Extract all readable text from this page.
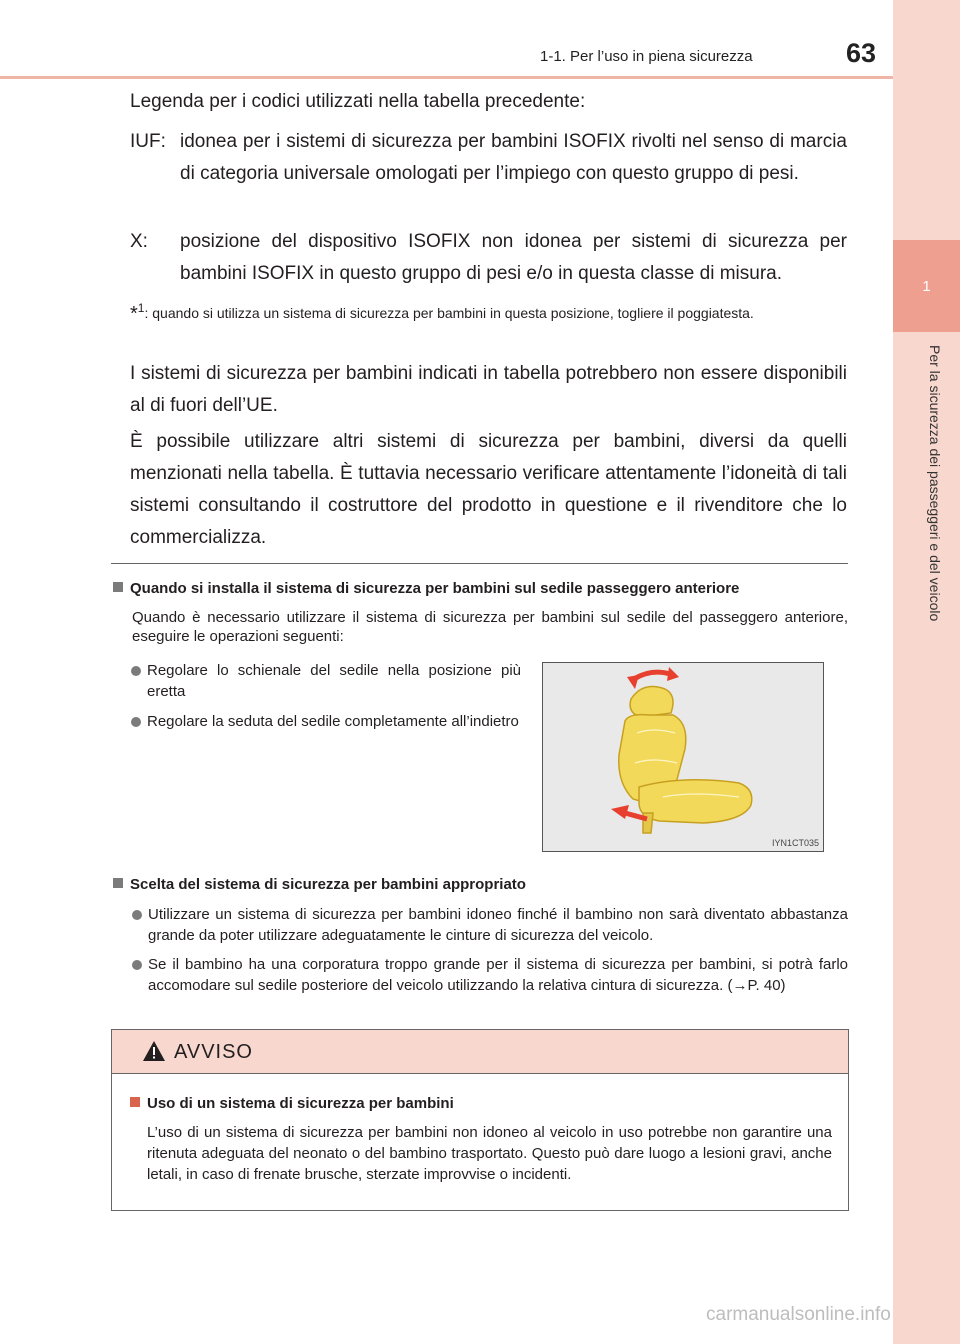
1-1. Per l’uso in piena sicurezza	63
1
Per la sicurezza dei passeggeri e del veicolo
Legenda per i codici utilizzati nella tabella precedente:
IUF: idonea per i sistemi di sicurezza per bambini ISOFIX rivolti nel senso di marcia di categoria universale omologati per l’impiego con questo gruppo di pesi.
X: posizione del dispositivo ISOFIX non idonea per sistemi di sicurezza per bambini ISOFIX in questo gruppo di pesi e/o in questa classe di misura.
*1: quando si utilizza un sistema di sicurezza per bambini in questa posizione, togliere il poggiatesta.
I sistemi di sicurezza per bambini indicati in tabella potrebbero non essere disponibili al di fuori dell’UE.
È possibile utilizzare altri sistemi di sicurezza per bambini, diversi da quelli menzionati nella tabella. È tuttavia necessario verificare attentamente l’idoneità di tali sistemi consultando il costruttore del prodotto in questione e il rivenditore che lo commercializza.
Quando si installa il sistema di sicurezza per bambini sul sedile passeggero anteriore
Quando è necessario utilizzare il sistema di sicurezza per bambini sul sedile del passeggero anteriore, eseguire le operazioni seguenti:
Regolare lo schienale del sedile nella posizione più eretta
Regolare la seduta del sedile completamente all’indietro
IYN1CT035
Scelta del sistema di sicurezza per bambini appropriato
Utilizzare un sistema di sicurezza per bambini idoneo finché il bambino non sarà diventato abbastanza grande da poter utilizzare adeguatamente le cinture di sicurezza del veicolo.
Se il bambino ha una corporatura troppo grande per il sistema di sicurezza per bambini, si potrà farlo accomodare sul sedile posteriore del veicolo utilizzando la relativa cintura di sicurezza. (→P. 40)
AVVISO
Uso di un sistema di sicurezza per bambini
L’uso di un sistema di sicurezza per bambini non idoneo al veicolo in uso potrebbe non garantire una ritenuta adeguata del neonato o del bambino trasportato. Questo può dare luogo a lesioni gravi, anche letali, in caso di frenate brusche, sterzate improvvise o incidenti.
carmanualsonline.info
